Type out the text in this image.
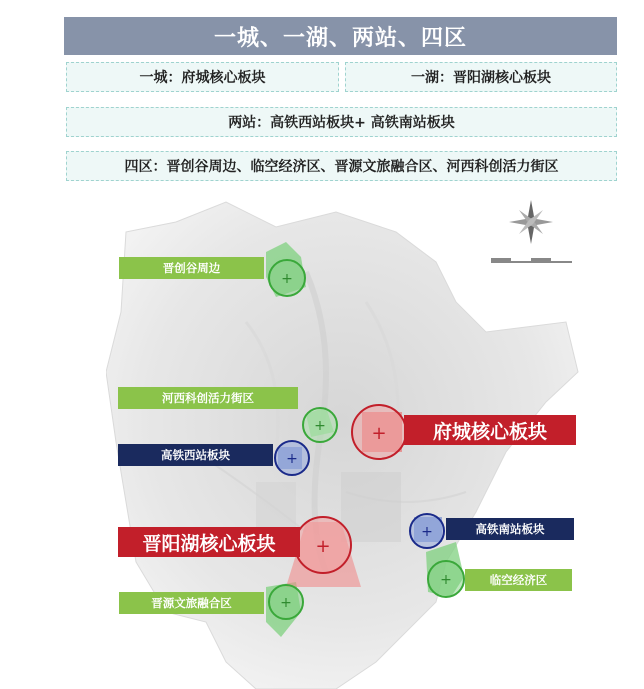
一城、一湖、两站、四区
一城：府城核心板块	一湖：晋阳湖核心板块
两站：高铁西站板块+ 高铁南站板块
四区：晋创谷周边、临空经济区、晋源文旅融合区、河西科创活力街区
+
+
+
+
+
+
+
+
晋创谷周边
河西科创活力街区
高铁西站板块
府城核心板块
晋阳湖核心板块
高铁南站板块
临空经济区
晋源文旅融合区
